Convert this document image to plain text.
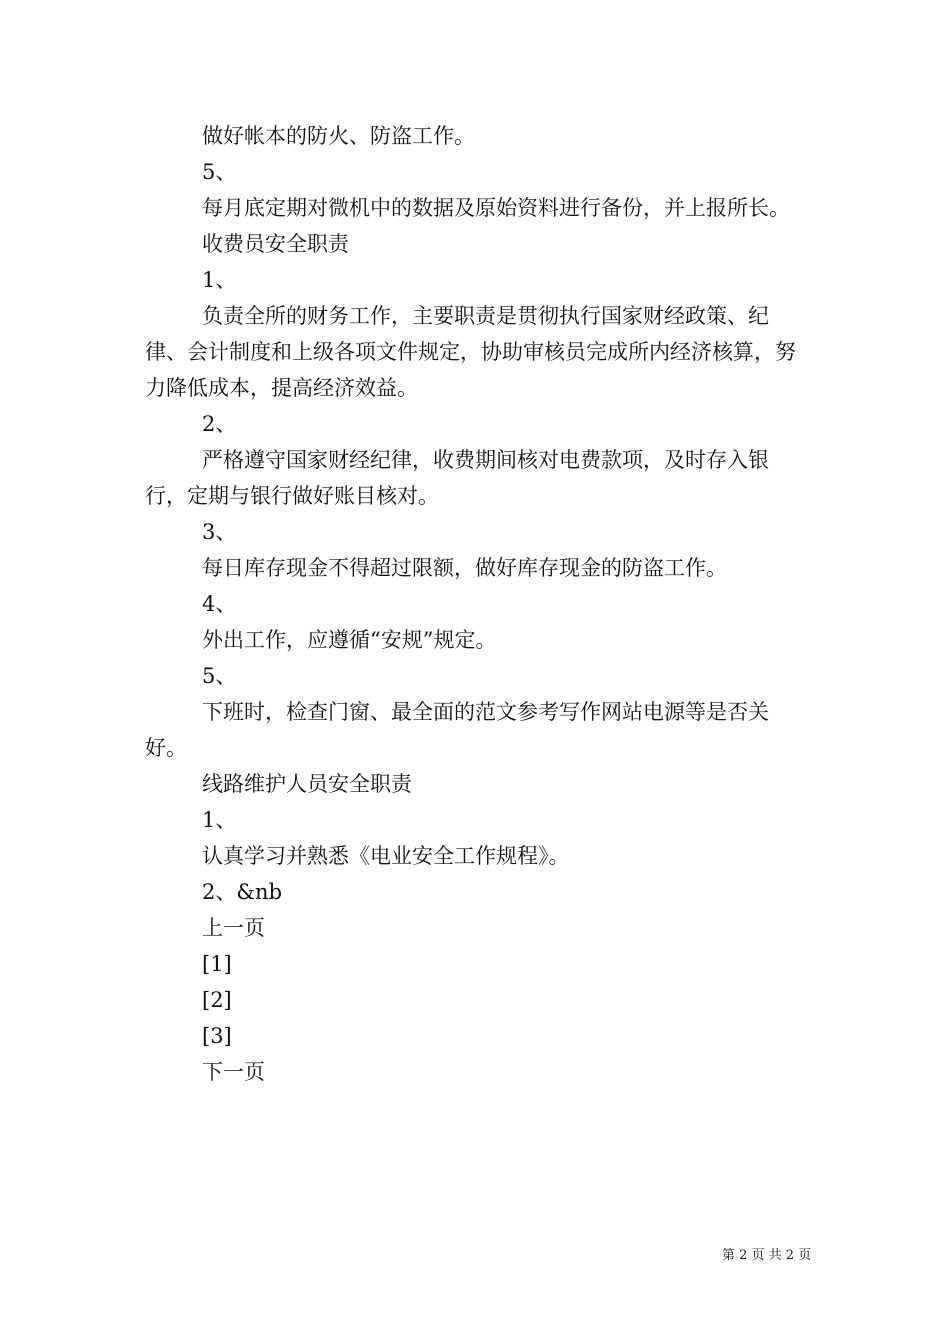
做好帐本的防火、防盗工作。

5、

每月底定期对微机中的数据及原始资料进行备份，并上报所长。

收费员安全职责

1、

负责全所的财务工作，主要职责是贯彻执行国家财经政策、纪律、会计制度和上级各项文件规定，协助审核员完成所内经济核算，努力降低成本，提高经济效益。

2、

严格遵守国家财经纪律，收费期间核对电费款项，及时存入银行，定期与银行做好账目核对。

3、

每日库存现金不得超过限额，做好库存现金的防盗工作。

4、

外出工作，应遵循“安规”规定。

5、

下班时，检查门窗、最全面的范文参考写作网站电源等是否关好。

线路维护人员安全职责

1、

认真学习并熟悉《电业安全工作规程》。

2、&nb

上一页

[1]

[2]

[3]

下一页

第 2 页 共 2 页
